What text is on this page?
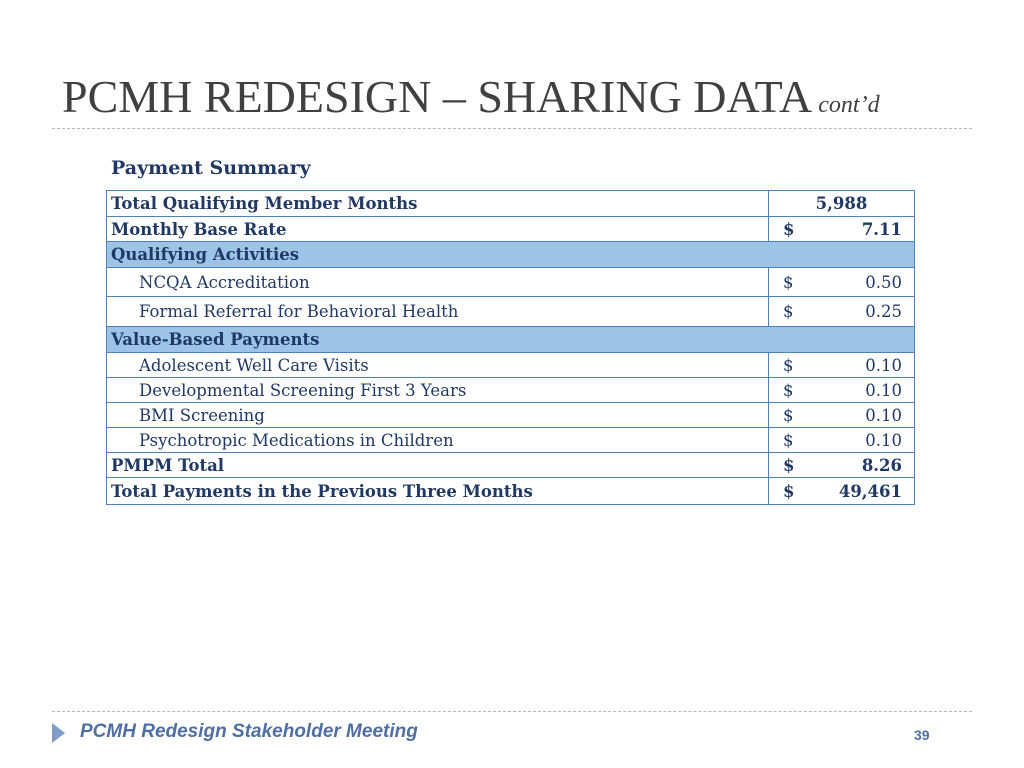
PCMH REDESIGN – SHARING DATA cont’d
Payment Summary
Total Qualifying Member Months	5,988
Monthly Base Rate	$ 7.11

Qualifying Activities	
NCQA Accreditation	$ 0.50

Formal Referral for Behavioral Health	$ 0.25

Value-Based Payments	
Adolescent Well Care Visits	$ 0.10

Developmental Screening First 3 Years	$ 0.10

BMI Screening	$ 0.10

Psychotropic Medications in Children	$ 0.10

PMPM Total	$ 8.26

Total Payments in the Previous Three Months	$ 49,461
PCMH Redesign Stakeholder Meeting	39
